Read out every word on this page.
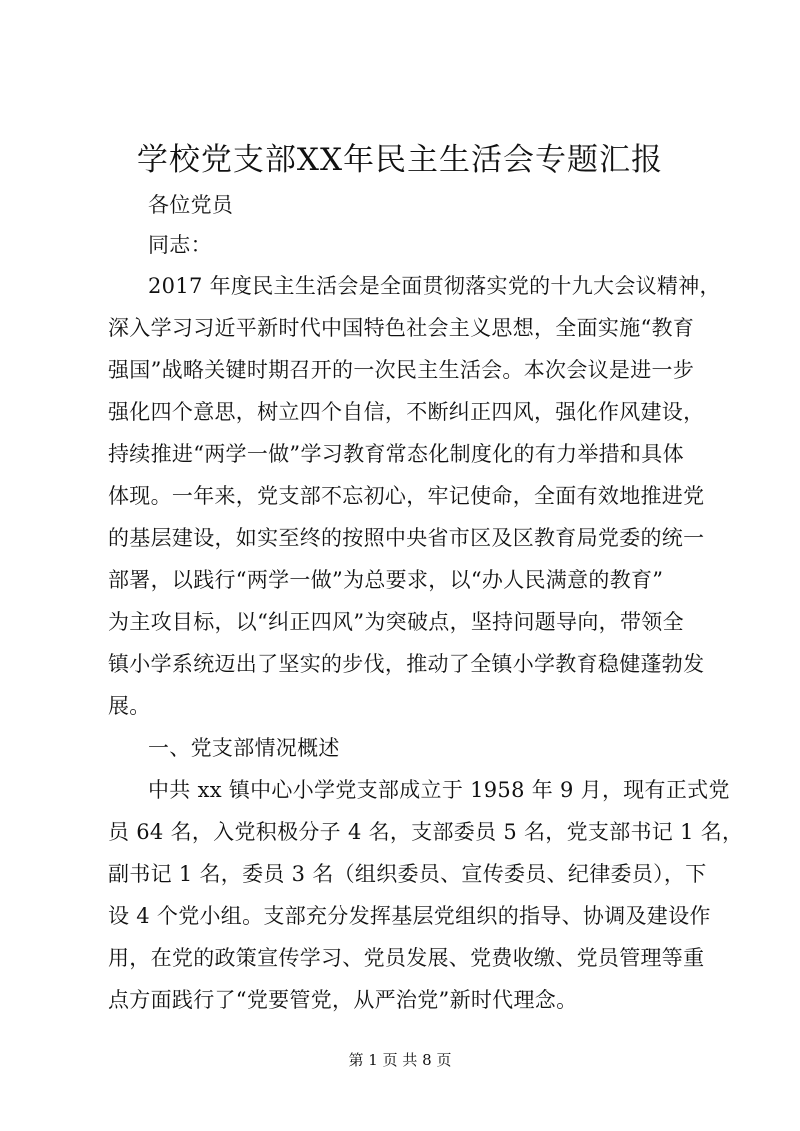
学校党支部XX年民主生活会专题汇报
各位党员
同志：
2017 年度民主生活会是全面贯彻落实党的十九大会议精神，
深入学习习近平新时代中国特色社会主义思想，全面实施“教育
强国”战略关键时期召开的一次民主生活会。本次会议是进一步
强化四个意思，树立四个自信，不断纠正四风，强化作风建设，
持续推进“两学一做”学习教育常态化制度化的有力举措和具体
体现。一年来，党支部不忘初心，牢记使命，全面有效地推进党
的基层建设，如实至终的按照中央省市区及区教育局党委的统一
部署，以践行“两学一做”为总要求，以“办人民满意的教育”
为主攻目标，以“纠正四风”为突破点，坚持问题导向，带领全
镇小学系统迈出了坚实的步伐，推动了全镇小学教育稳健蓬勃发
展。
一、党支部情况概述
中共 xx 镇中心小学党支部成立于 1958 年 9 月，现有正式党
员 64 名，入党积极分子 4 名，支部委员 5 名，党支部书记 1 名，
副书记 1 名，委员 3 名（组织委员、宣传委员、纪律委员），下
设 4 个党小组。支部充分发挥基层党组织的指导、协调及建设作
用，在党的政策宣传学习、党员发展、党费收缴、党员管理等重
点方面践行了“党要管党，从严治党”新时代理念。
第 1 页 共 8 页
